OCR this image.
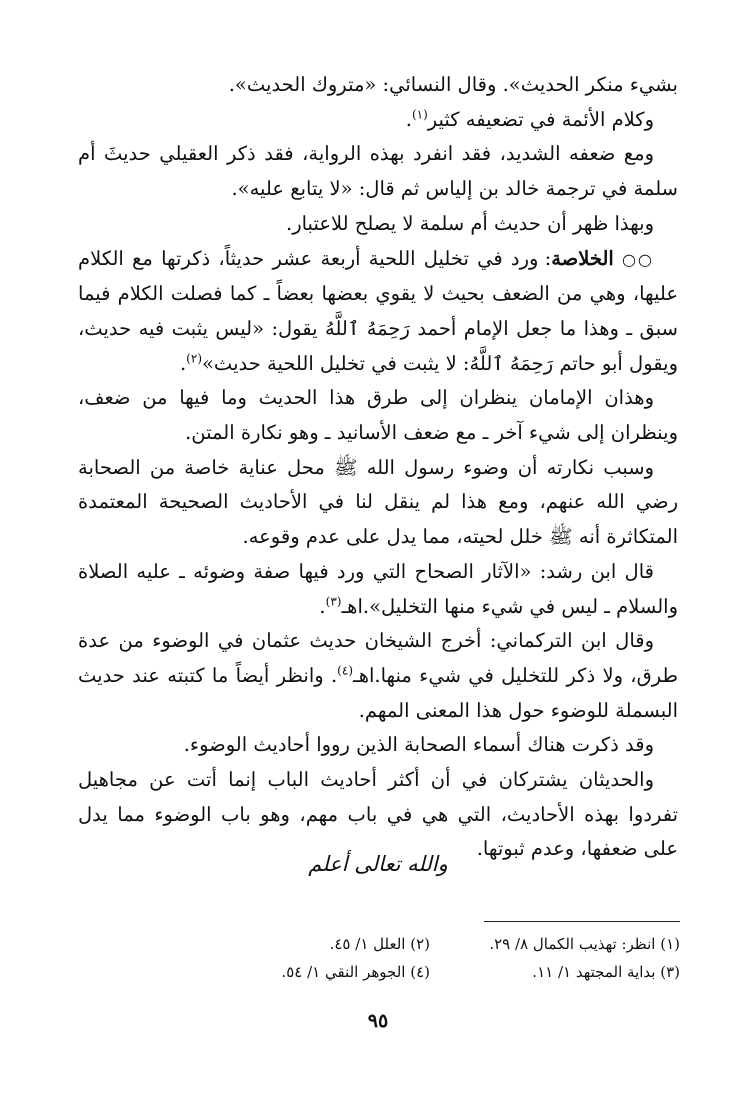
بشيء منكر الحديث». وقال النسائي: «متروك الحديث».

وكلام الأئمة في تضعيفه كثير$^{(١)}$.

ومع ضعفه الشديد، فقد انفرد بهذه الرواية، فقد ذكر العقيلي حديثَ أم سلمة في ترجمة خالد بن إلياس ثم قال: «لا يتابع عليه».

وبهذا ظهر أن حديث أم سلمة لا يصلح للاعتبار.

○○ الخلاصة: ورد في تخليل اللحية أربعة عشر حديثاً، ذكرتها مع الكلام عليها، وهي من الضعف بحيث لا يقوي بعضها بعضاً ـ كما فصلت الكلام فيما سبق ـ وهذا ما جعل الإمام أحمد رَحِمَهُ ٱللَّهُ يقول: «ليس يثبت فيه حديث، ويقول أبو حاتم رَحِمَهُ ٱللَّهُ: لا يثبت في تخليل اللحية حديث»$^{(٢)}$.

وهذان الإمامان ينظران إلى طرق هذا الحديث وما فيها من ضعف، وينظران إلى شيء آخر ـ مع ضعف الأسانيد ـ وهو نكارة المتن.

وسبب نكارته أن وضوء رسول الله ﷺ محل عناية خاصة من الصحابة رضي الله عنهم، ومع هذا لم ينقل لنا في الأحاديث الصحيحة المعتمدة المتكاثرة أنه ﷺ خلل لحيته، مما يدل على عدم وقوعه.

قال ابن رشد: «الآثار الصحاح التي ورد فيها صفة وضوئه ـ عليه الصلاة والسلام ـ ليس في شيء منها التخليل».اهـ$^{(٣)}$.

وقال ابن التركماني: أخرج الشيخان حديث عثمان في الوضوء من عدة طرق، ولا ذكر للتخليل في شيء منها.اهـ$^{(٤)}$. وانظر أيضاً ما كتبته عند حديث البسملة للوضوء حول هذا المعنى المهم.

وقد ذكرت هناك أسماء الصحابة الذين رووا أحاديث الوضوء.

والحديثان يشتركان في أن أكثر أحاديث الباب إنما أتت عن مجاهيل تفردوا بهذه الأحاديث، التي هي في باب مهم، وهو باب الوضوء مما يدل على ضعفها، وعدم ثبوتها.

والله تعالى أعلم
(١) انظر: تهذيب الكمال ٨/ ٢٩.
(٢) العلل ١/ ٤٥.
(٣) بداية المجتهد ١/ ١١.
(٤) الجوهر النقي ١/ ٥٤.
٩٥
